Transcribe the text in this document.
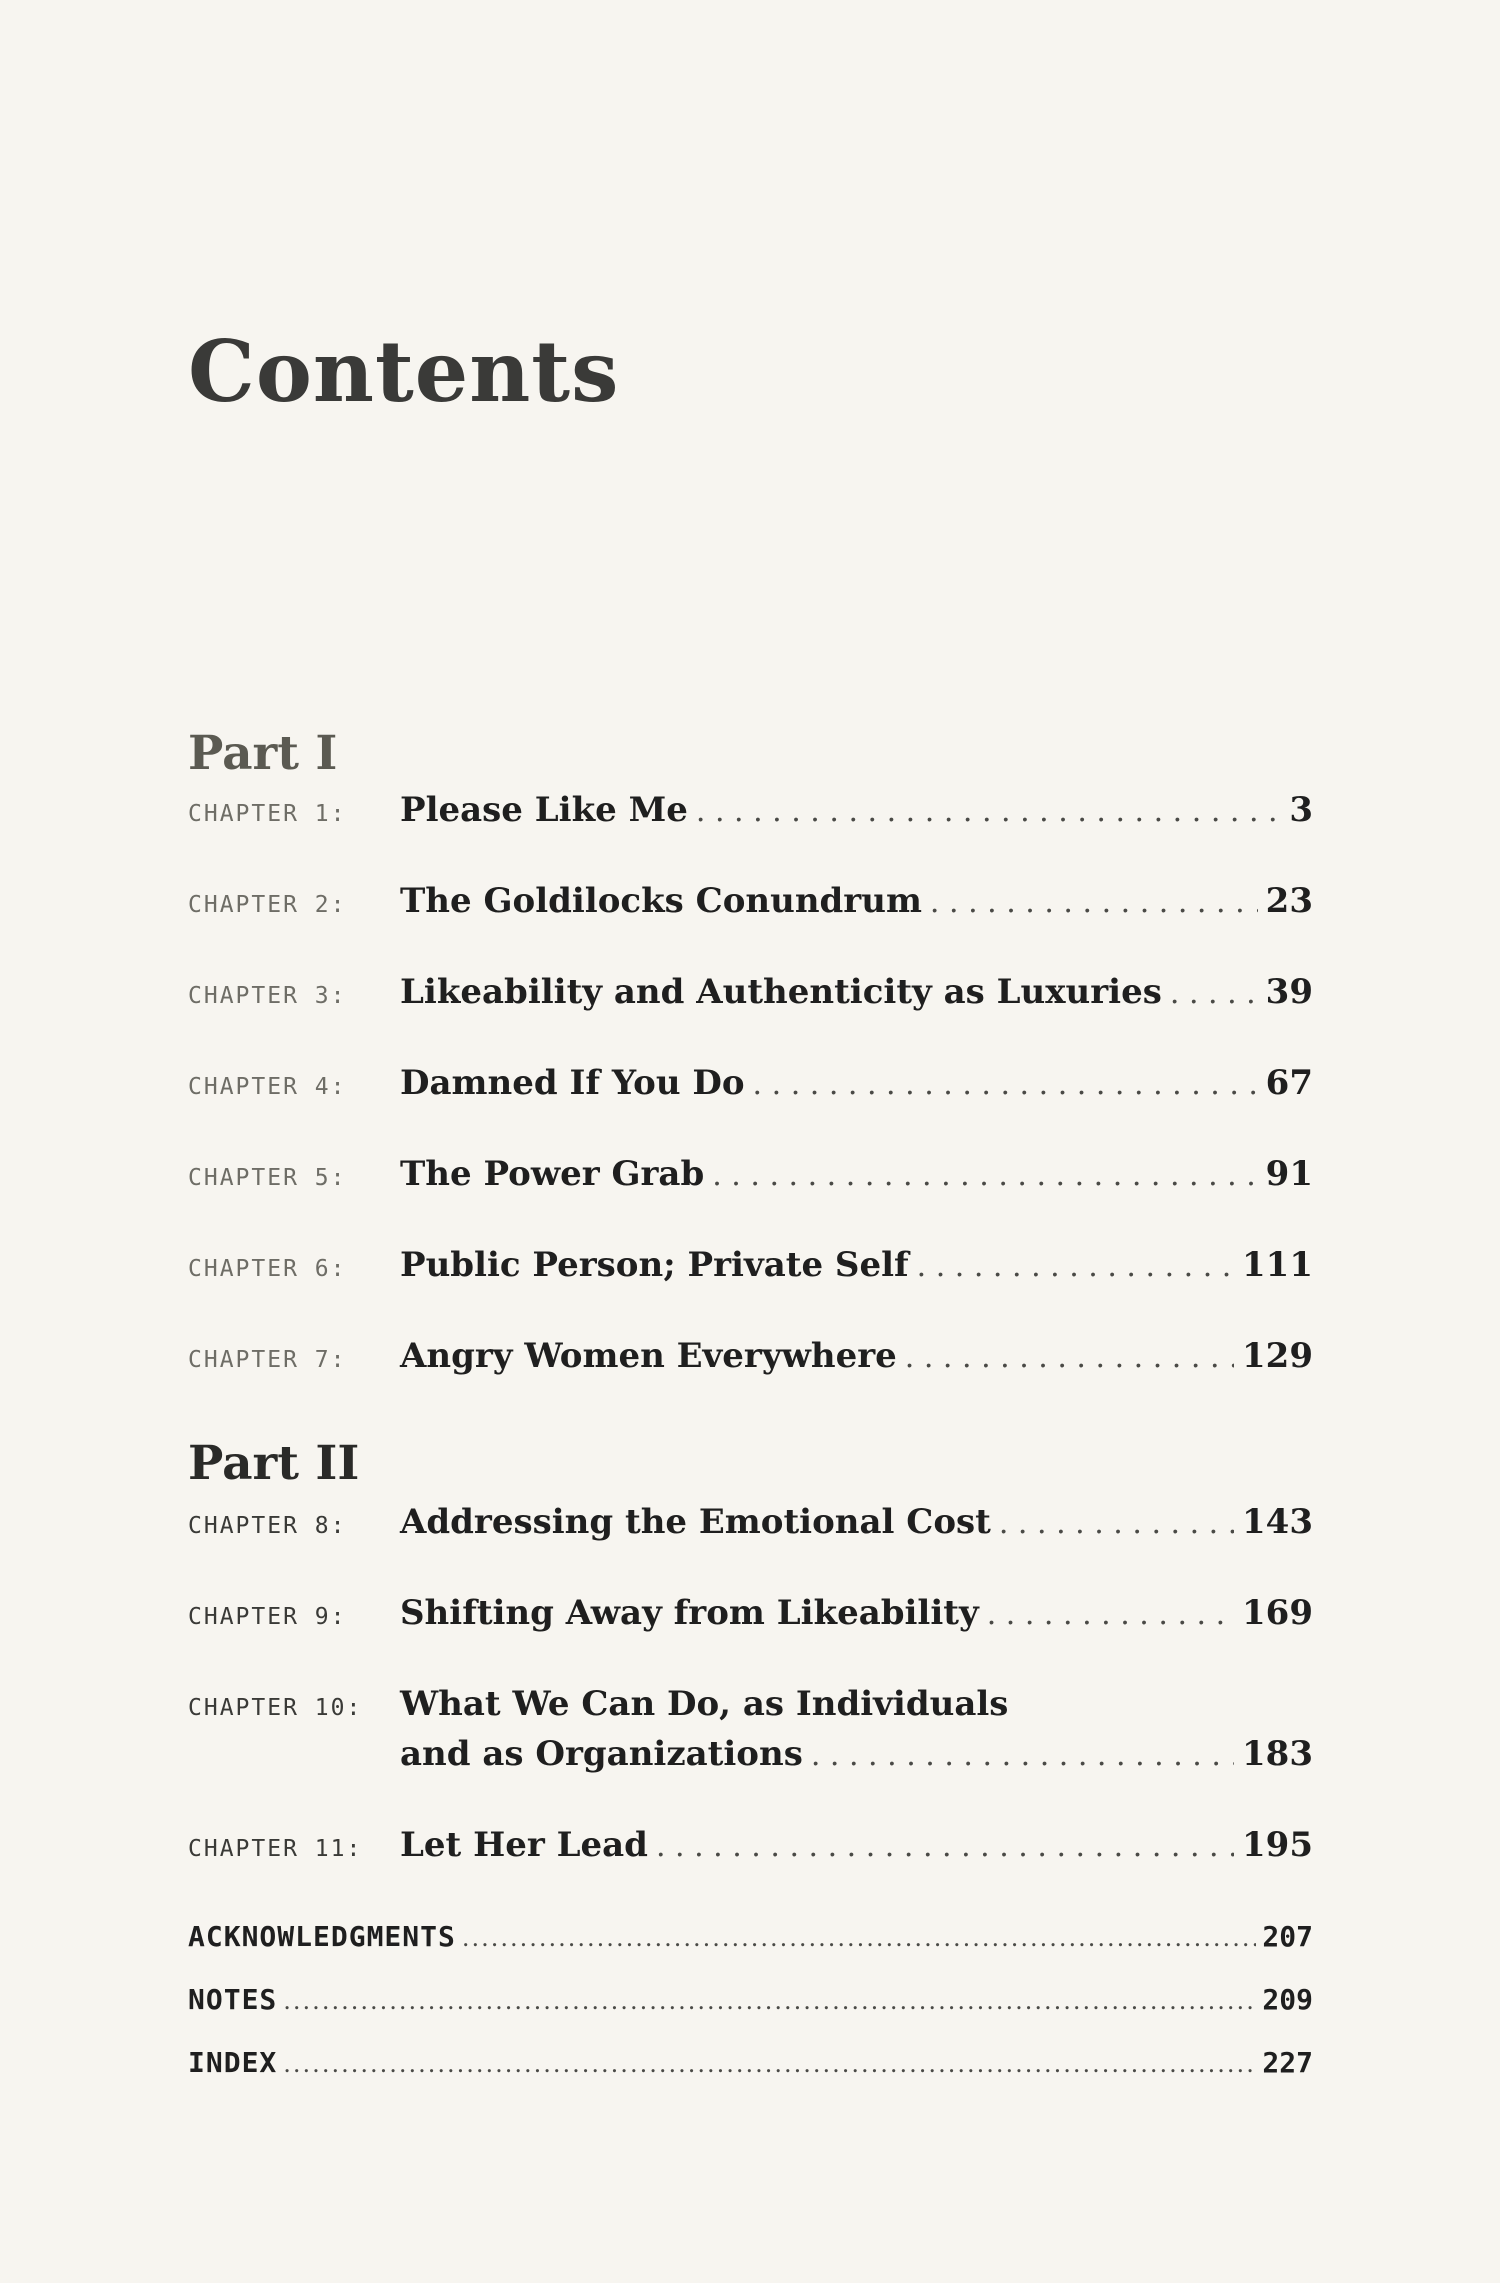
Contents
Part I
CHAPTER 1:	Please Like Me . . .	3
CHAPTER 2:	The Goldilocks Conundrum . . .	23
CHAPTER 3:	Likeability and Authenticity as Luxuries . . .	39
CHAPTER 4:	Damned If You Do . . .	67
CHAPTER 5:	The Power Grab . . .	91
CHAPTER 6:	Public Person; Private Self . . .	111
CHAPTER 7:	Angry Women Everywhere . . .	129
Part II
CHAPTER 8:	Addressing the Emotional Cost . . .	143
CHAPTER 9:	Shifting Away from Likeability . . .	169
CHAPTER 10:	What We Can Do, as Individuals
and as Organizations . . .	183
CHAPTER 11:	Let Her Lead . . .	195
ACKNOWLEDGMENTS .....	207
NOTES .....	209
INDEX .....	227
